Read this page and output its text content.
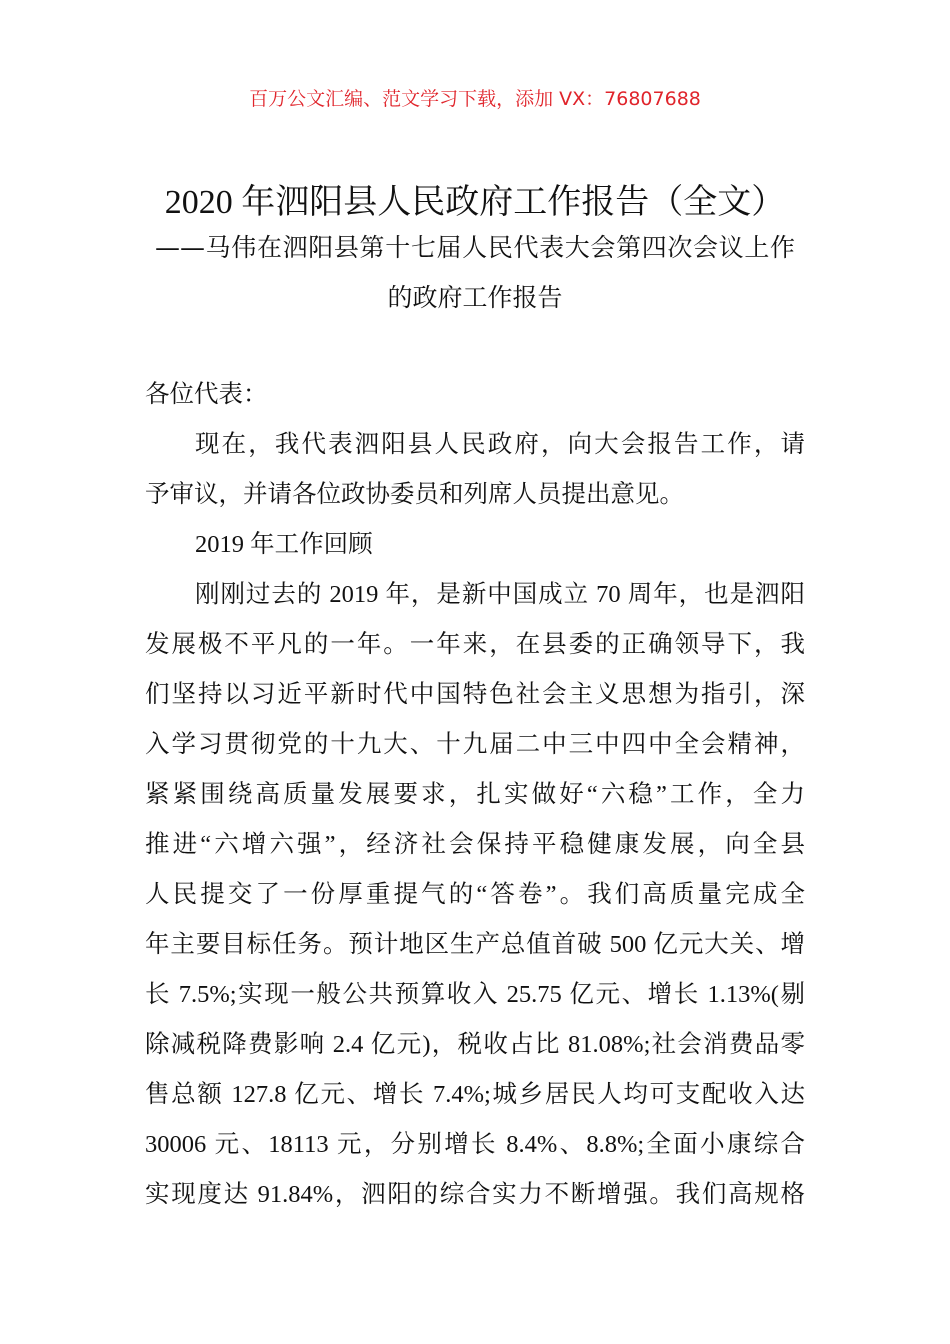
百万公文汇编、范文学习下载，添加 VX：76807688
2020 年泗阳县人民政府工作报告（全文）
——马伟在泗阳县第十七届人民代表大会第四次会议上作
的政府工作报告
各位代表：
现在，我代表泗阳县人民政府，向大会报告工作，请
予审议，并请各位政协委员和列席人员提出意见。
2019 年工作回顾
刚刚过去的 2019 年，是新中国成立 70 周年，也是泗阳
发展极不平凡的一年。一年来，在县委的正确领导下，我
们坚持以习近平新时代中国特色社会主义思想为指引，深
入学习贯彻党的十九大、十九届二中三中四中全会精神，
紧紧围绕高质量发展要求，扎实做好“六稳”工作，全力
推进“六增六强”，经济社会保持平稳健康发展，向全县
人民提交了一份厚重提气的“答卷”。我们高质量完成全
年主要目标任务。预计地区生产总值首破 500 亿元大关、增
长 7.5%;实现一般公共预算收入 25.75 亿元、增长 1.13%(剔
除减税降费影响 2.4 亿元)，税收占比 81.08%;社会消费品零
售总额 127.8 亿元、增长 7.4%;城乡居民人均可支配收入达
30006 元、18113 元，分别增长 8.4%、8.8%;全面小康综合
实现度达 91.84%，泗阳的综合实力不断增强。我们高规格
